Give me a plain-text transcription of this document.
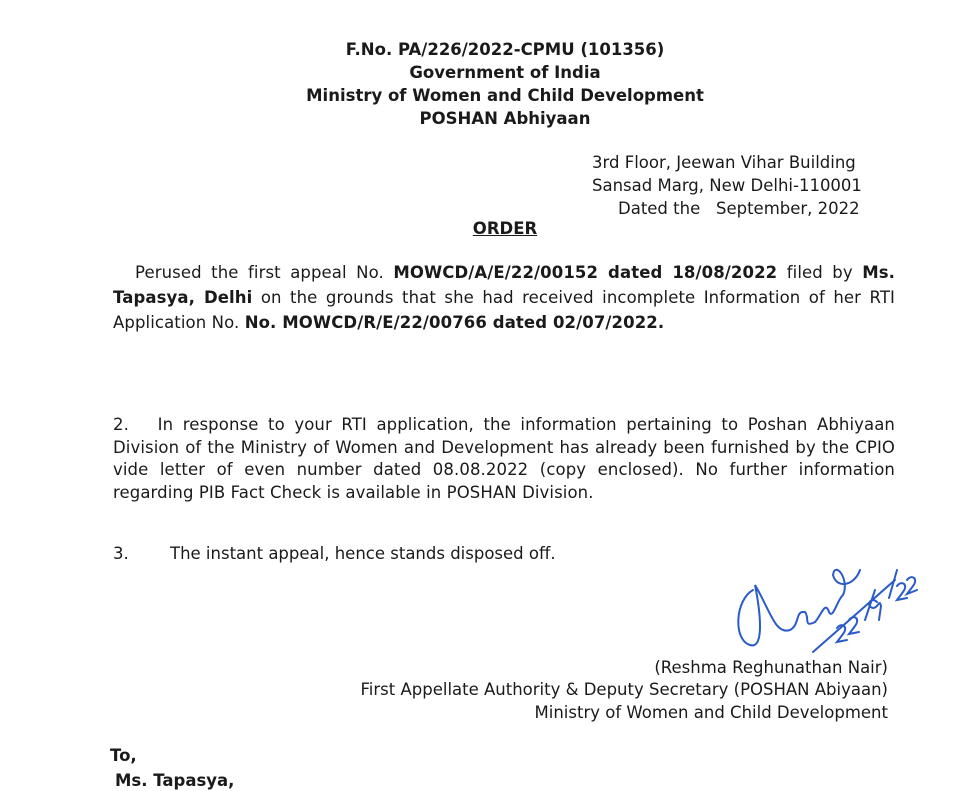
F.No. PA/226/2022-CPMU (101356)
Government of India
Ministry of Women and Child Development
POSHAN Abhiyaan
3rd Floor, Jeewan Vihar Building
Sansad Marg, New Delhi-110001
Dated the   September, 2022
ORDER
Perused the first appeal No. MOWCD/A/E/22/00152 dated 18/08/2022 filed by Ms. Tapasya, Delhi on the grounds that she had received incomplete Information of her RTI Application No. No. MOWCD/R/E/22/00766 dated 02/07/2022.
2. In response to your RTI application, the information pertaining to Poshan Abhiyaan Division of the Ministry of Women and Development has already been furnished by the CPIO vide letter of even number dated 08.08.2022 (copy enclosed). No further information regarding PIB Fact Check is available in POSHAN Division.
3.	The instant appeal, hence stands disposed off.
(Reshma Reghunathan Nair)
First Appellate Authority & Deputy Secretary (POSHAN Abiyaan)
Ministry of Women and Child Development
To,
Ms. Tapasya,
